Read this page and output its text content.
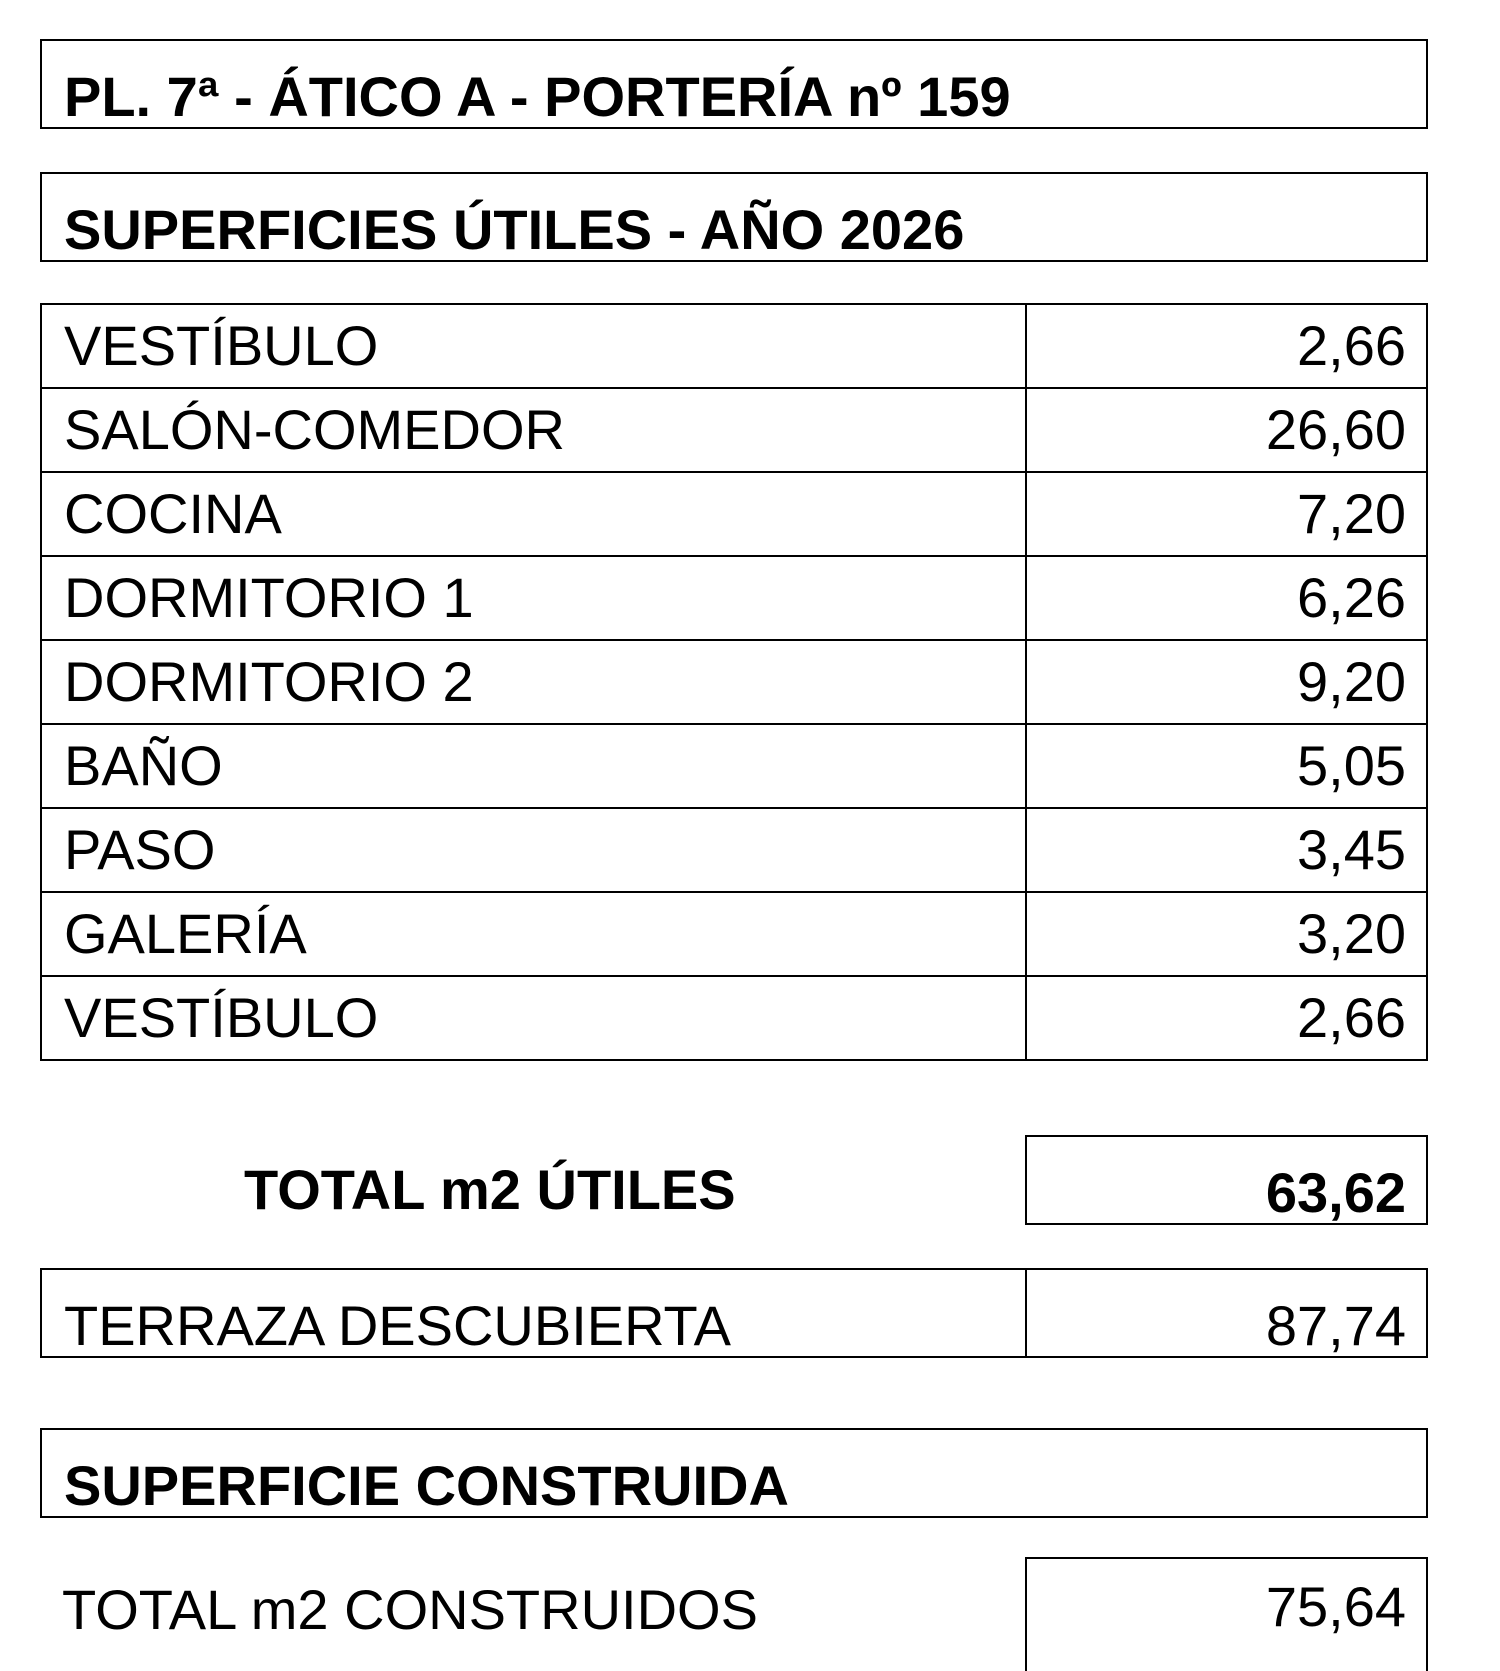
PL. 7ª - ÁTICO A - PORTERÍA nº 159
SUPERFICIES ÚTILES - AÑO 2026
VESTÍBULO	2,66
SALÓN-COMEDOR	26,60
COCINA	7,20
DORMITORIO 1	6,26
DORMITORIO 2	9,20
BAÑO	5,05
PASO	3,45
GALERÍA	3,20
VESTÍBULO	2,66
TOTAL m2 ÚTILES	63,62
TERRAZA DESCUBIERTA	87,74
SUPERFICIE CONSTRUIDA
TOTAL m2 CONSTRUIDOS	75,64
